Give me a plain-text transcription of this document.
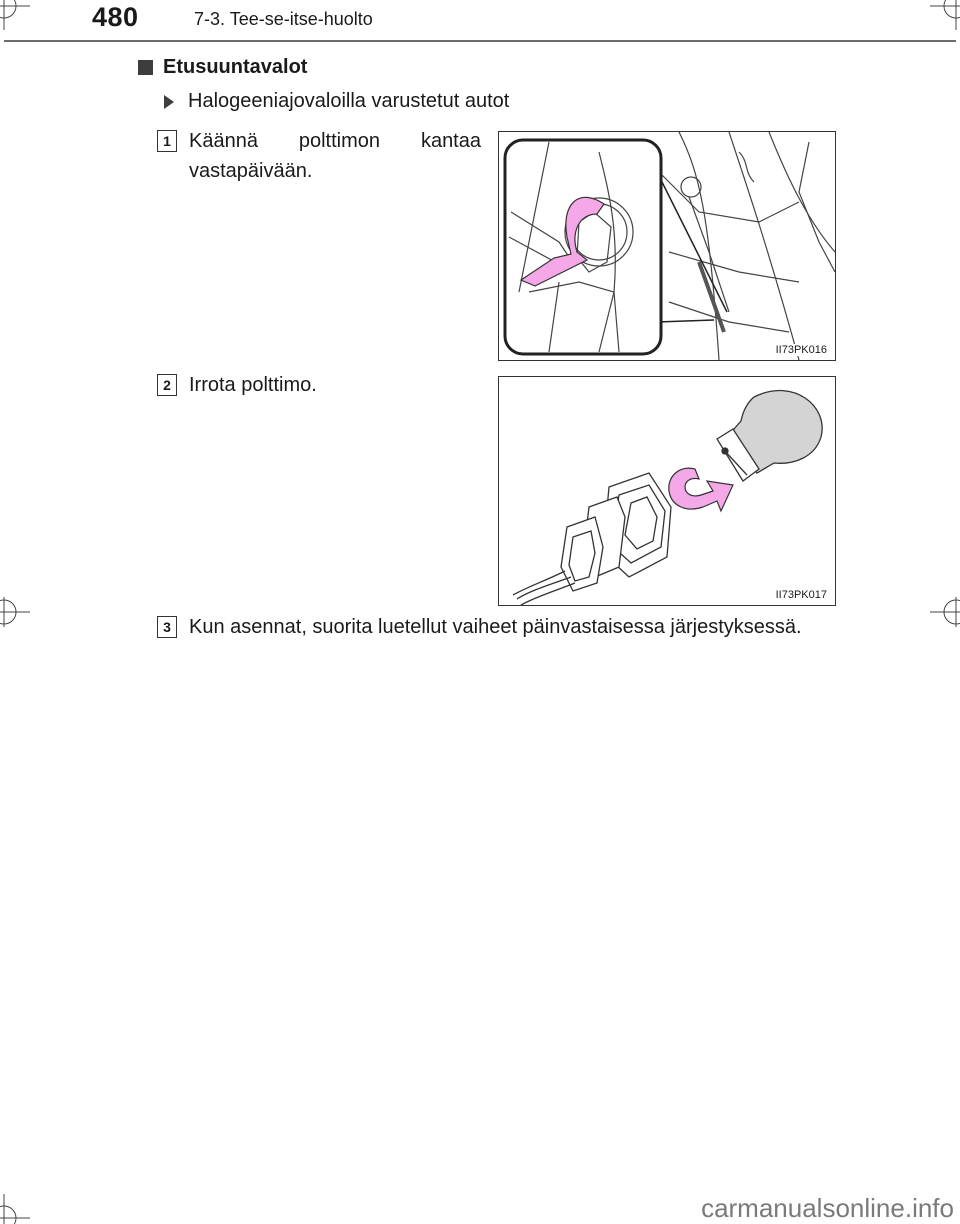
480	7-3. Tee-se-itse-huolto
Etusuuntavalot
Halogeeniajovaloilla varustetut autot
1 Käännä polttimon kantaa
vastapäivään.
II73PK016
2 Irrota polttimo.
II73PK017
3 Kun asennat, suorita luetellut vaiheet päinvastaisessa järjestyksessä.
carmanualsonline.info
